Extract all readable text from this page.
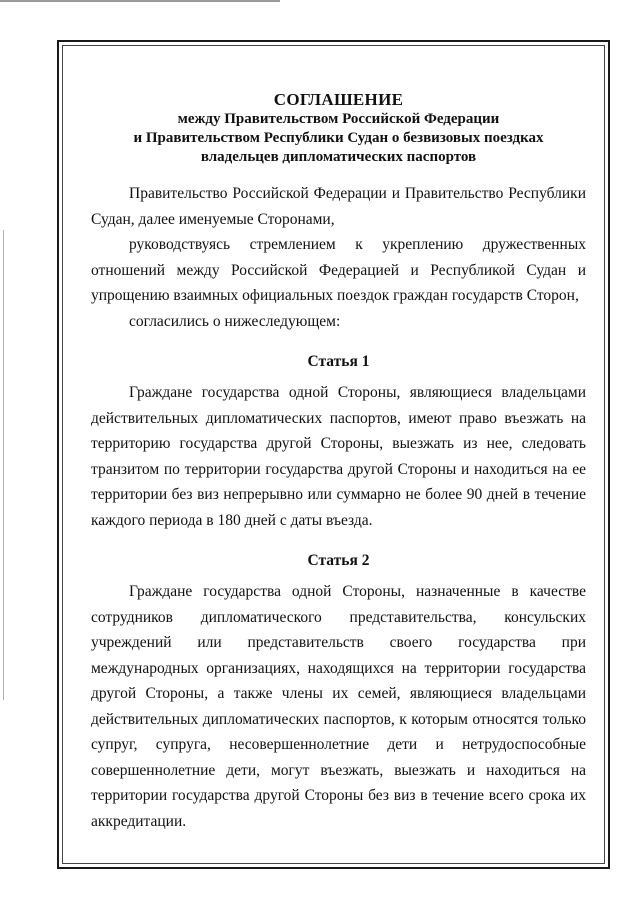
СОГЛАШЕНИЕ

между Правительством Российской Федерации

и Правительством Республики Судан о безвизовых поездках

владельцев дипломатических паспортов

Правительство Российской Федерации и Правительство Республики Судан, далее именуемые Сторонами,

руководствуясь стремлением к укреплению дружественных отношений между Российской Федерацией и Республикой Судан и упрощению взаимных официальных поездок граждан государств Сторон,

согласились о нижеследующем:

Статья 1

Граждане государства одной Стороны, являющиеся владельцами действительных дипломатических паспортов, имеют право въезжать на территорию государства другой Стороны, выезжать из нее, следовать транзитом по территории государства другой Стороны и находиться на ее территории без виз непрерывно или суммарно не более 90 дней в течение каждого периода в 180 дней с даты въезда.

Статья 2

Граждане государства одной Стороны, назначенные в качестве сотрудников дипломатического представительства, консульских учреждений или представительств своего государства при международных организациях, находящихся на территории государства другой Стороны, а также члены их семей, являющиеся владельцами действительных дипломатических паспортов, к которым относятся только супруг, супруга, несовершеннолетние дети и нетрудоспособные совершеннолетние дети, могут въезжать, выезжать и находиться на территории государства другой Стороны без виз в течение всего срока их аккредитации.
